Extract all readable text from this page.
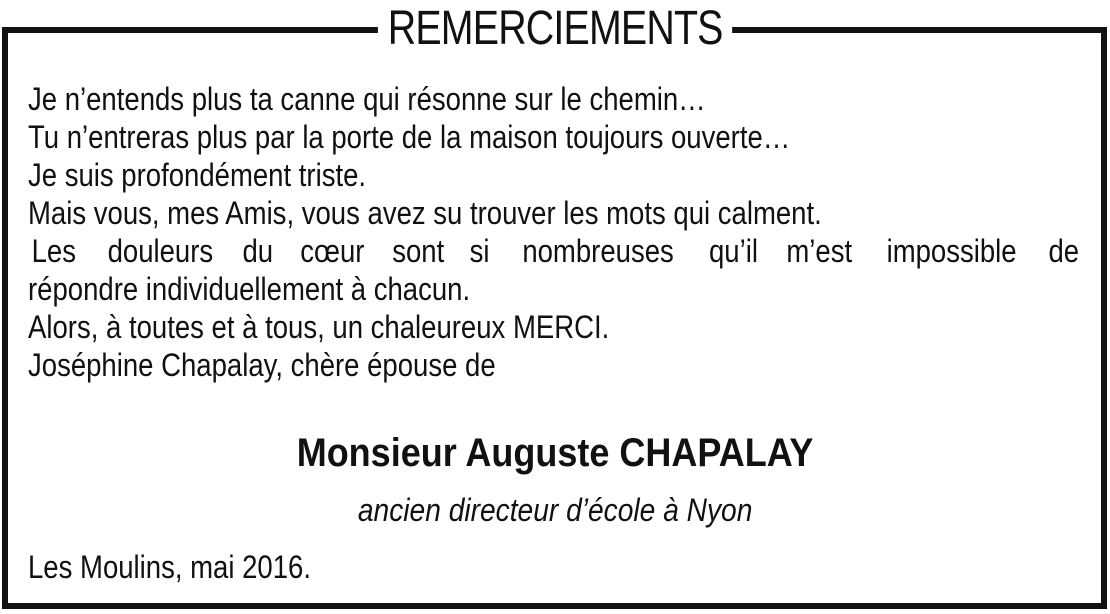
REMERCIEMENTS
Je n’entends plus ta canne qui résonne sur le chemin…
Tu n’entreras plus par la porte de la maison toujours ouverte…
Je suis profondément triste.
Mais vous, mes Amis, vous avez su trouver les mots qui calment.
Les douleurs du cœur sont si nombreuses qu’il m’est impossible de
répondre individuellement à chacun.
Alors, à toutes et à tous, un chaleureux MERCI.
Joséphine Chapalay, chère épouse de
Monsieur Auguste CHAPALAY
ancien directeur d’école à Nyon
Les Moulins, mai 2016.
